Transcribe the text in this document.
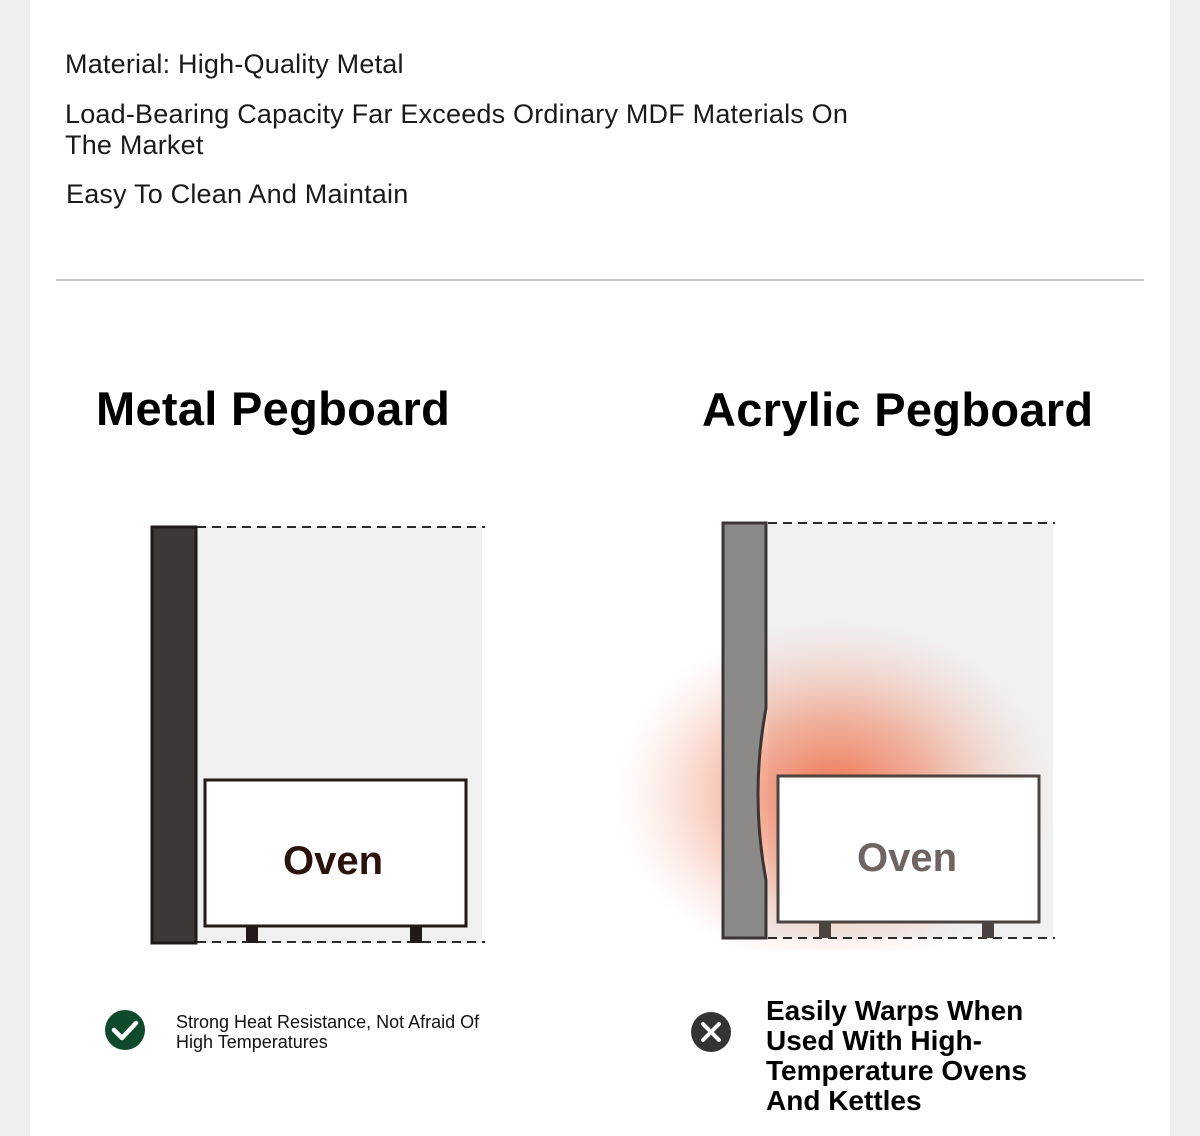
Material: High-Quality Metal
Load-Bearing Capacity Far Exceeds Ordinary MDF Materials On The Market
Easy To Clean And Maintain
Metal Pegboard	Acrylic Pegboard
Oven	Oven
Strong Heat Resistance, Not Afraid Of High Temperatures
Easily Warps When Used With High-Temperature Ovens And Kettles
